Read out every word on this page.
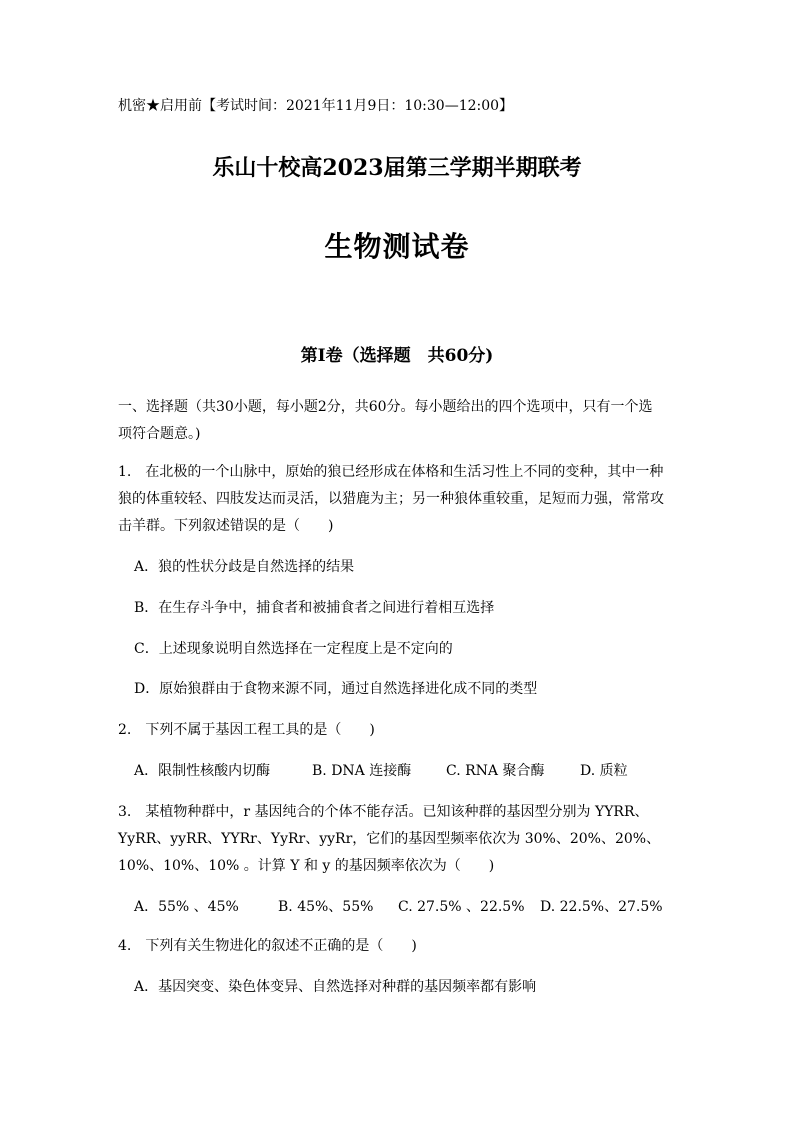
机密★启用前【考试时间：2021年11月9日：10:30—12:00】
乐山十校高2023届第三学期半期联考
生物测试卷
第Ⅰ卷（选择题　共60分)
一、选择题（共30小题，每小题2分，共60分。每小题给出的四个选项中，只有一个选
项符合题意。)
1.　在北极的一个山脉中，原始的狼已经形成在体格和生活习性上不同的变种，其中一种
狼的体重较轻、四肢发达而灵活，以猎鹿为主；另一种狼体重较重，足短而力强，常常攻
击羊群。下列叙述错误的是（　　)
A．狼的性状分歧是自然选择的结果
B．在生存斗争中，捕食者和被捕食者之间进行着相互选择
C．上述现象说明自然选择在一定程度上是不定向的
D．原始狼群由于食物来源不同，通过自然选择进化成不同的类型
2.　下列不属于基因工程工具的是（　　)
A．限制性核酸内切酶	B. DNA 连接酶 C. RNA 聚合酶	D. 质粒
3.　某植物种群中，r 基因纯合的个体不能存活。已知该种群的基因型分别为 YYRR、
YyRR、yyRR、YYRr、YyRr、yyRr，它们的基因型频率依次为 30%、20%、20%、
10%、10%、10% 。计算 Y 和 y 的基因频率依次为（　　)
A．55% 、45%	B. 45%、55% C. 27.5% 、22.5% D. 22.5%、27.5%
4.　下列有关生物进化的叙述不正确的是（　　)
A．基因突变、染色体变异、自然选择对种群的基因频率都有影响
